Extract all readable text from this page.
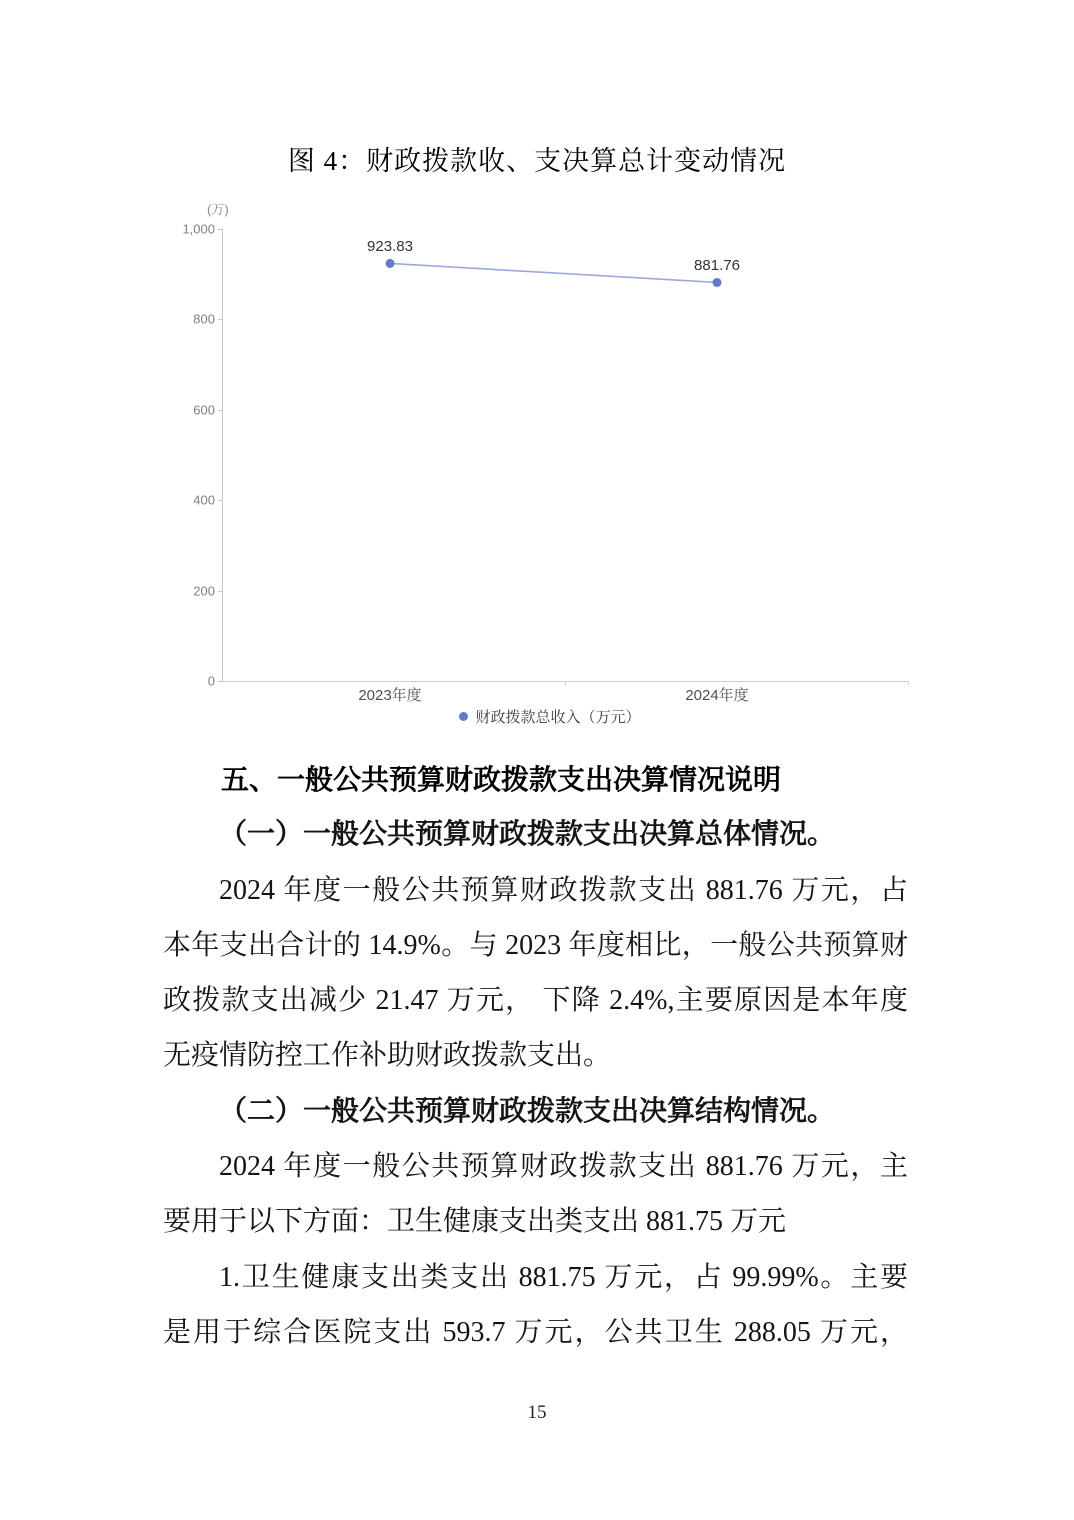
图 4：财政拨款收、支决算总计变动情况
(万)
1,000
800
600
400
200
0
923.83
881.76
2023年度	2024年度
财政拨款总收入（万元）
五、一般公共预算财政拨款支出决算情况说明
（一）一般公共预算财政拨款支出决算总体情况。
2024 年度一般公共预算财政拨款支出 881.76 万元，占
本年支出合计的 14.9%。与 2023 年度相比，一般公共预算财
政拨款支出减少 21.47 万元， 下降 2.4%,主要原因是本年度
无疫情防控工作补助财政拨款支出。
（二）一般公共预算财政拨款支出决算结构情况。
2024 年度一般公共预算财政拨款支出 881.76 万元，主
要用于以下方面：卫生健康支出类支出 881.75 万元
1.卫生健康支出类支出 881.75 万元，占 99.99%。主要
是用于综合医院支出 593.7 万元，公共卫生 288.05 万元，
15
